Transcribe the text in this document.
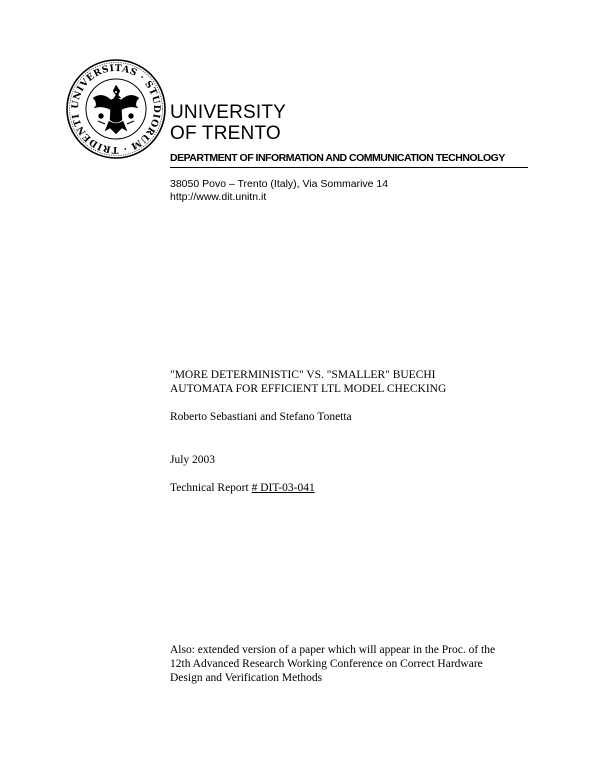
UNIVERSITAS · STUDIORUM · TRIDENTI	UNIVERSITY
OF TRENTO
DEPARTMENT OF INFORMATION AND COMMUNICATION TECHNOLOGY
38050 Povo – Trento (Italy), Via Sommarive 14
http://www.dit.unitn.it
"MORE DETERMINISTIC" VS. "SMALLER" BUECHI
AUTOMATA FOR EFFICIENT LTL MODEL CHECKING
Roberto Sebastiani and Stefano Tonetta
July 2003
Technical Report # DIT-03-041
Also: extended version of a paper which will appear in the Proc. of the
12th Advanced Research Working Conference on Correct Hardware
Design and Verification Methods
